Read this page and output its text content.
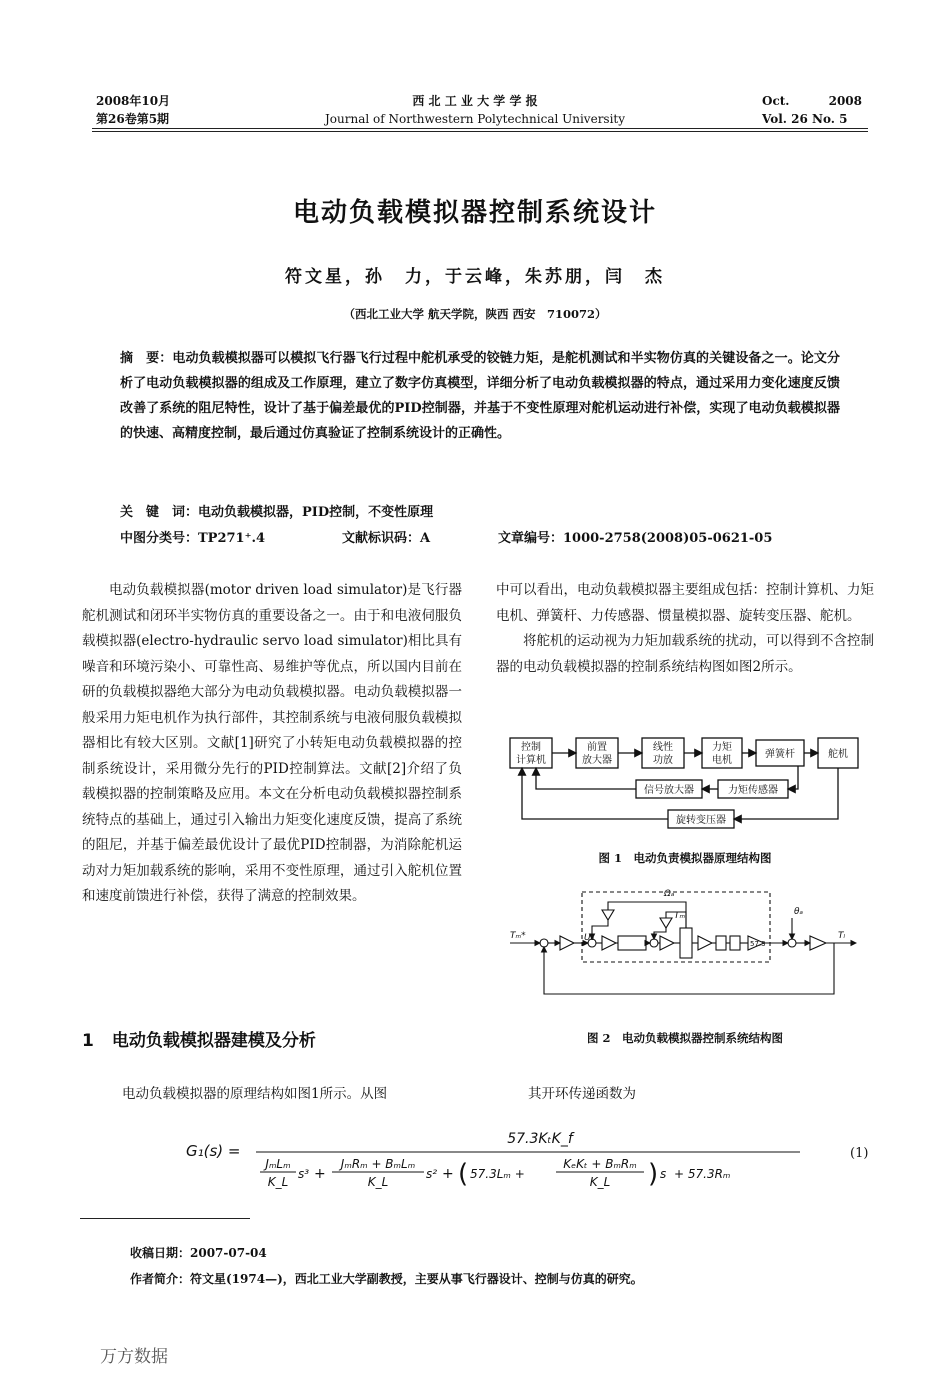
2008年10月
第26卷第5期
西 北 工 业 大 学 学 报
Journal of Northwestern Polytechnical University
Oct.	2008
Vol. 26 No. 5
电动负载模拟器控制系统设计
符文星，孙　力，于云峰，朱苏朋，闫　杰
（西北工业大学 航天学院，陕西 西安　710072）
摘　要：电动负载模拟器可以模拟飞行器飞行过程中舵机承受的铰链力矩，是舵机测试和半实物仿真的关键设备之一。论文分析了电动负载模拟器的组成及工作原理，建立了数字仿真模型，详细分析了电动负载模拟器的特点，通过采用力变化速度反馈改善了系统的阻尼特性，设计了基于偏差最优的PID控制器，并基于不变性原理对舵机运动进行补偿，实现了电动负载模拟器的快速、高精度控制，最后通过仿真验证了控制系统设计的正确性。
关　键　词：电动负载模拟器，PID控制，不变性原理
中图分类号：TP271⁺.4	文献标识码：A	文章编号：1000-2758(2008)05-0621-05

电动负载模拟器(motor driven load simulator)是飞行器舵机测试和闭环半实物仿真的重要设备之一。由于和电液伺服负载模拟器(electro-hydraulic servo load simulator)相比具有噪音和环境污染小、可靠性高、易维护等优点，所以国内目前在研的负载模拟器绝大部分为电动负载模拟器。电动负载模拟器一般采用力矩电机作为执行部件，其控制系统与电液伺服负载模拟器相比有较大区别。文献[1]研究了小转矩电动负载模拟器的控制系统设计，采用微分先行的PID控制算法。文献[2]介绍了负载模拟器的控制策略及应用。本文在分析电动负载模拟器控制系统特点的基础上，通过引入输出力矩变化速度反馈，提高了系统的阻尼，并基于偏差最优设计了最优PID控制器，为消除舵机运动对力矩加载系统的影响，采用不变性原理，通过引入舵机位置和速度前馈进行补偿，获得了满意的控制效果。

中可以看出，电动负载模拟器主要组成包括：控制计算机、力矩电机、弹簧杆、力传感器、惯量模拟器、旋转变压器、舵机。

将舵机的运动视为力矩加载系统的扰动，可以得到不含控制器的电动负载模拟器的控制系统结构图如图2所示。

控制
计算机
前置
放大器
线性
功放
力矩
电机
弹簧杆	舵机
信号放大器	力矩传感器
旋转变压器
图 1　电动负责模拟器原理结构图
Tₘ*	Uₑ
Ωₐ
Tₘ	θₐ
Tₗ
57.3
图 2　电动负载模拟器控制系统结构图
1 电动负载模拟器建模及分析
电动负载模拟器的原理结构如图1所示。从图	其开环传递函数为
G₁(s) =
57.3KₜK_f
JₘLₘ
K_L
s³ +
JₘRₘ + BₘLₘ
K_L
s² + ( 57.3Lₘ +
KₑKₜ + BₘRₘ
K_L ) s + 57.3Rₘ
(1)
收稿日期：2007-07-04
作者简介：符文星(1974—)，西北工业大学副教授，主要从事飞行器设计、控制与仿真的研究。
万方数据
